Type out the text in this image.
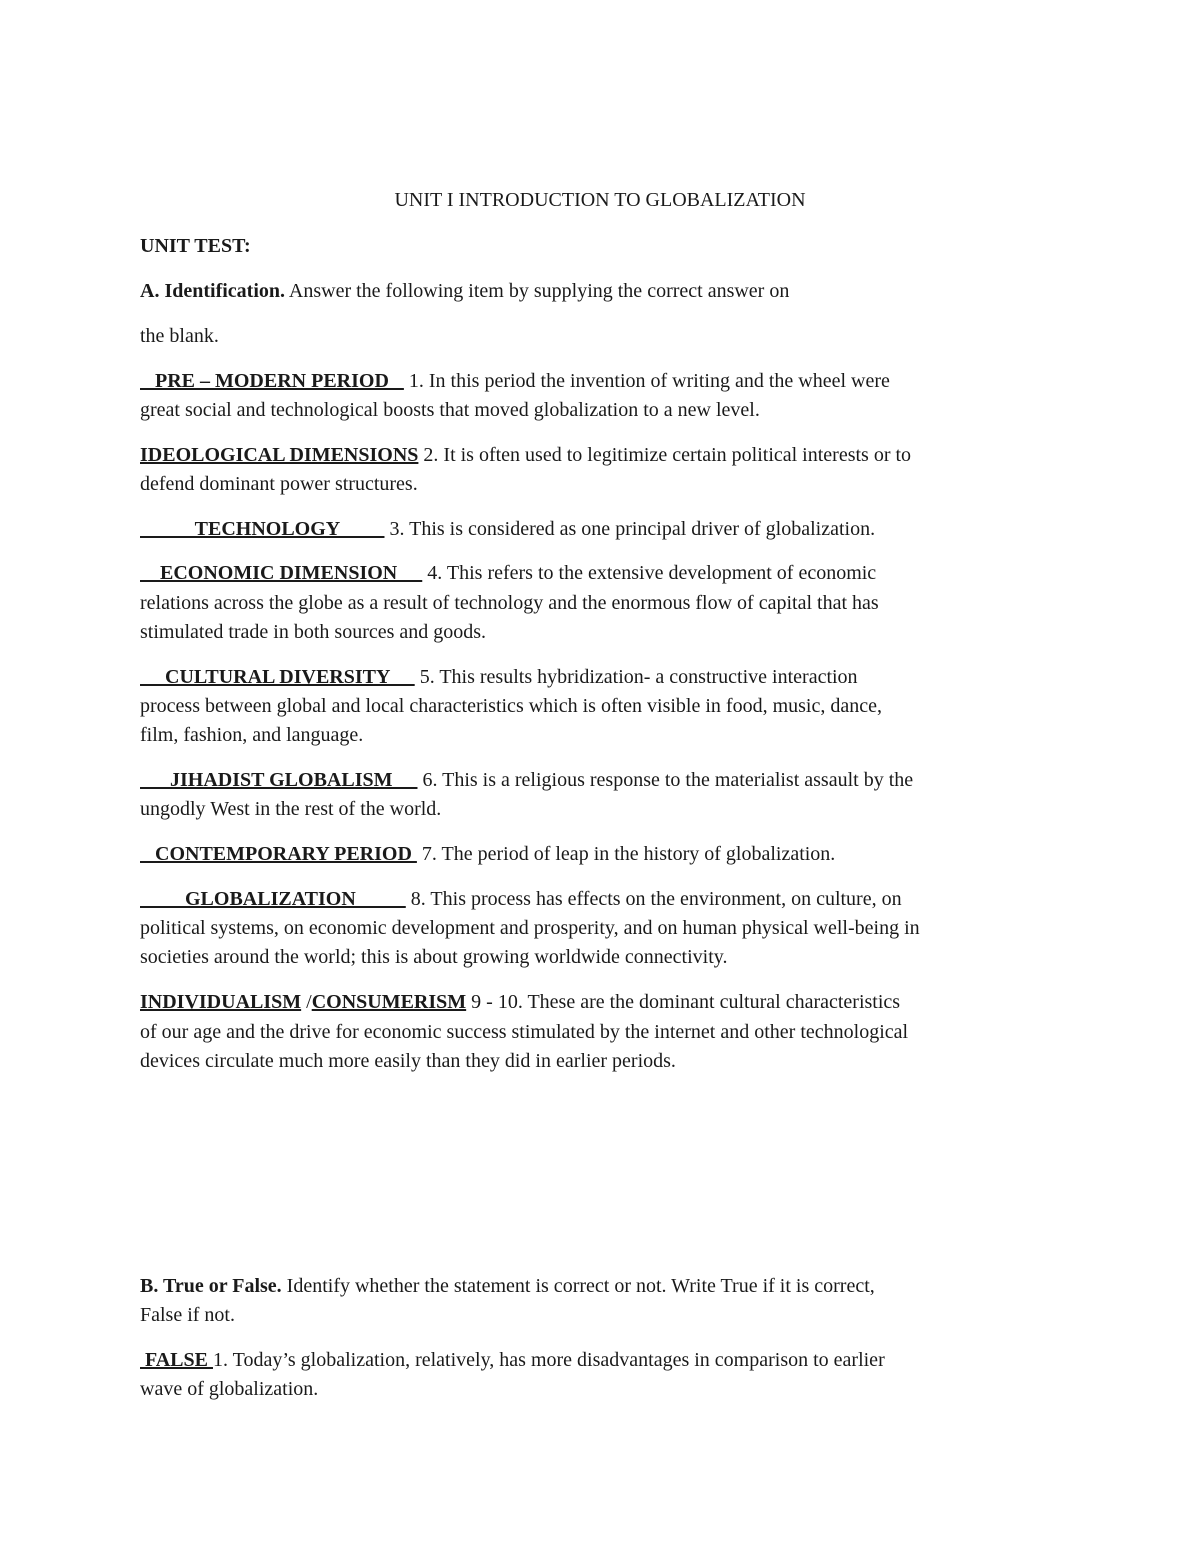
UNIT I INTRODUCTION TO GLOBALIZATION
UNIT TEST:
A. Identification. Answer the following item by supplying the correct answer on
the blank.
PRE – MODERN PERIOD    1. In this period the invention of writing and the wheel were
great social and technological boosts that moved globalization to a new level.
IDEOLOGICAL DIMENSIONS 2. It is often used to legitimize certain political interests or to
defend dominant power structures.
TECHNOLOGY          3. This is considered as one principal driver of globalization.
ECONOMIC DIMENSION      4. This refers to the extensive development of economic
relations across the globe as a result of technology and the enormous flow of capital that has
stimulated trade in both sources and goods.
CULTURAL DIVERSITY      5. This results hybridization- a constructive interaction
process between global and local characteristics which is often visible in food, music, dance,
film, fashion, and language.
JIHADIST GLOBALISM      6. This is a religious response to the materialist assault by the
ungodly West in the rest of the world.
CONTEMPORARY PERIOD  7. The period of leap in the history of globalization.
GLOBALIZATION           8. This process has effects on the environment, on culture, on
political systems, on economic development and prosperity, and on human physical well-being in
societies around the world; this is about growing worldwide connectivity.
INDIVIDUALISM /CONSUMERISM 9 - 10. These are the dominant cultural characteristics
of our age and the drive for economic success stimulated by the internet and other technological
devices circulate much more easily than they did in earlier periods.
B. True or False. Identify whether the statement is correct or not. Write True if it is correct,
False if not.
FALSE 1. Today’s globalization, relatively, has more disadvantages in comparison to earlier
wave of globalization.
